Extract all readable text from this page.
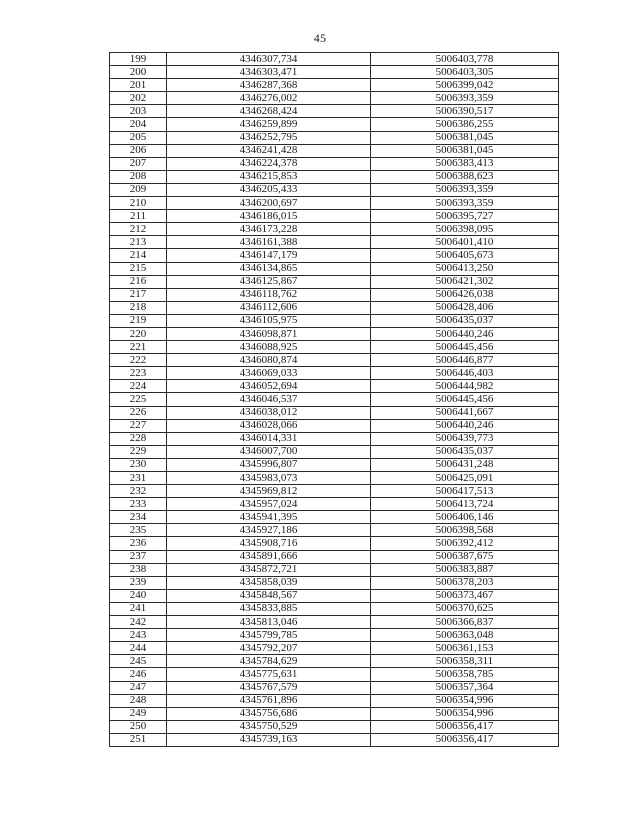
45
199	4346307,734	5006403,778
200	4346303,471	5006403,305
201	4346287,368	5006399,042
202	4346276,002	5006393,359
203	4346268,424	5006390,517
204	4346259,899	5006386,255
205	4346252,795	5006381,045
206	4346241,428	5006381,045
207	4346224,378	5006383,413
208	4346215,853	5006388,623
209	4346205,433	5006393,359
210	4346200,697	5006393,359
211	4346186,015	5006395,727
212	4346173,228	5006398,095
213	4346161,388	5006401,410
214	4346147,179	5006405,673
215	4346134,865	5006413,250
216	4346125,867	5006421,302
217	4346118,762	5006426,038
218	4346112,606	5006428,406
219	4346105,975	5006435,037
220	4346098,871	5006440,246
221	4346088,925	5006445,456
222	4346080,874	5006446,877
223	4346069,033	5006446,403
224	4346052,694	5006444,982
225	4346046,537	5006445,456
226	4346038,012	5006441,667
227	4346028,066	5006440,246
228	4346014,331	5006439,773
229	4346007,700	5006435,037
230	4345996,807	5006431,248
231	4345983,073	5006425,091
232	4345969,812	5006417,513
233	4345957,024	5006413,724
234	4345941,395	5006406,146
235	4345927,186	5006398,568
236	4345908,716	5006392,412
237	4345891,666	5006387,675
238	4345872,721	5006383,887
239	4345858,039	5006378,203
240	4345848,567	5006373,467
241	4345833,885	5006370,625
242	4345813,046	5006366,837
243	4345799,785	5006363,048
244	4345792,207	5006361,153
245	4345784,629	5006358,311
246	4345775,631	5006358,785
247	4345767,579	5006357,364
248	4345761,896	5006354,996
249	4345756,686	5006354,996
250	4345750,529	5006356,417
251	4345739,163	5006356,417
